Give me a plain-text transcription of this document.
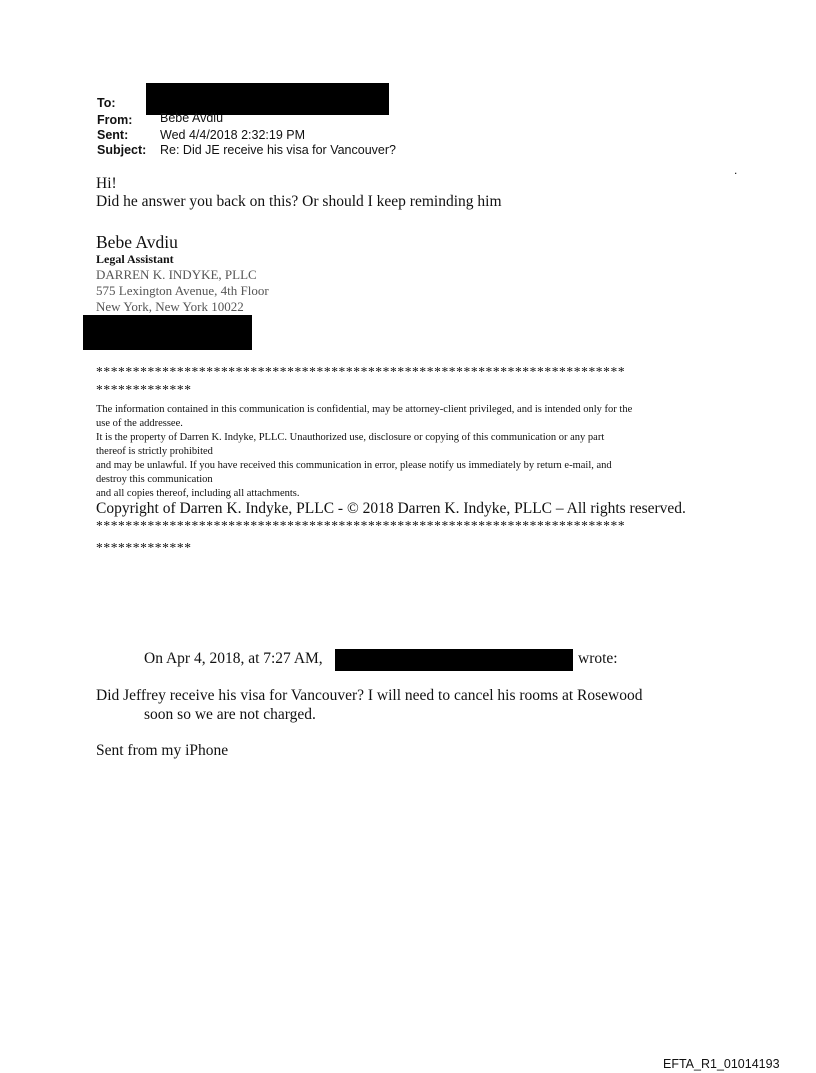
To:
From: Bebe Avdiu
Sent:	Wed 4/4/2018 2:32:19 PM
Subject: Re: Did JE receive his visa for Vancouver?
.
Hi!
Did he answer you back on this? Or should I keep reminding him
Bebe Avdiu
Legal Assistant
DARREN K. INDYKE, PLLC
575 Lexington Avenue, 4th Floor
New York, New York 10022
************************************************************************
*************
The information contained in this communication is confidential, may be attorney-client privileged, and is intended only for the
use of the addressee.
It is the property of Darren K. Indyke, PLLC. Unauthorized use, disclosure or copying of this communication or any part
thereof is strictly prohibited
and may be unlawful. If you have received this communication in error, please notify us immediately by return e-mail, and
destroy this communication
and all copies thereof, including all attachments.
Copyright of Darren K. Indyke, PLLC - © 2018 Darren K. Indyke, PLLC – All rights reserved.
************************************************************************
*************
On Apr 4, 2018, at 7:27 AM,	wrote:
Did Jeffrey receive his visa for Vancouver? I will need to cancel his rooms at Rosewood
soon so we are not charged.
Sent from my iPhone
EFTA_R1_01014193
